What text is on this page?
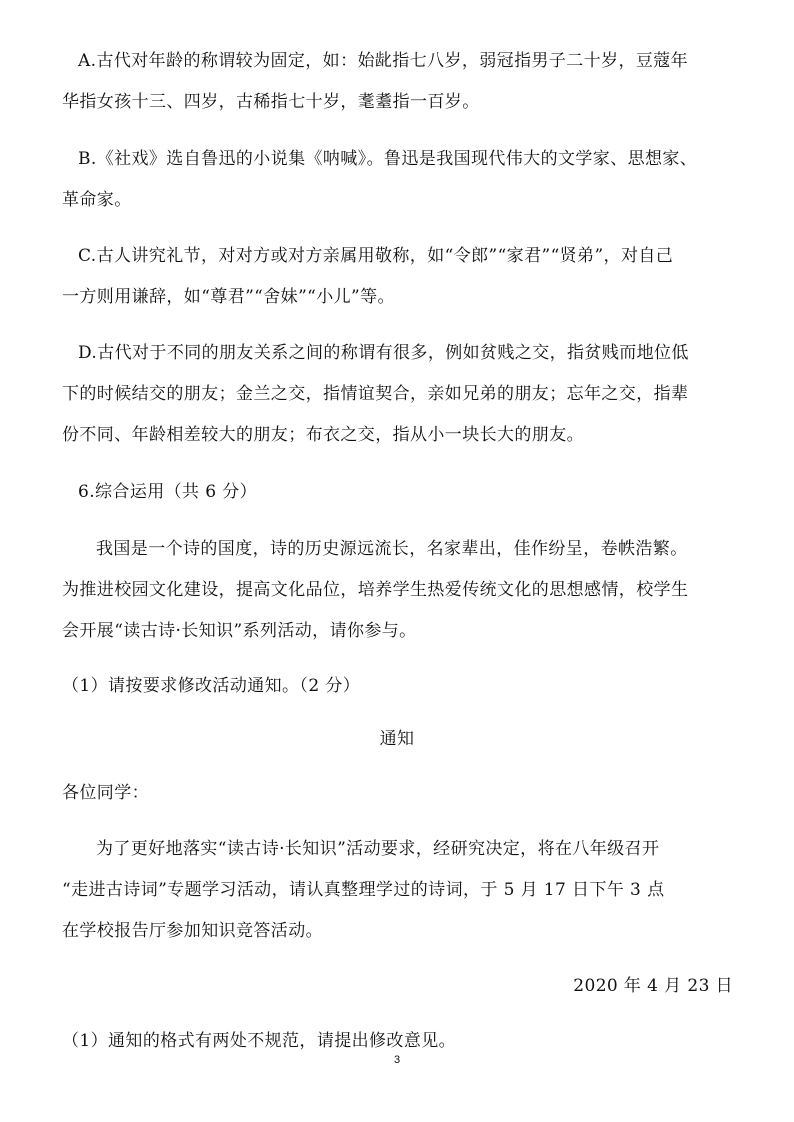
A.古代对年龄的称谓较为固定，如：始龀指七八岁，弱冠指男子二十岁，豆蔻年
华指女孩十三、四岁，古稀指七十岁，耄耋指一百岁。
B.《社戏》选自鲁迅的小说集《呐喊》。鲁迅是我国现代伟大的文学家、思想家、
革命家。
C.古人讲究礼节，对对方或对方亲属用敬称，如“令郎”“家君”“贤弟”，对自己
一方则用谦辞，如“尊君”“舍妹”“小儿”等。
D.古代对于不同的朋友关系之间的称谓有很多，例如贫贱之交，指贫贱而地位低
下的时候结交的朋友；金兰之交，指情谊契合，亲如兄弟的朋友；忘年之交，指辈
份不同、年龄相差较大的朋友；布衣之交，指从小一块长大的朋友。
6.综合运用（共 6 分）
我国是一个诗的国度，诗的历史源远流长，名家辈出，佳作纷呈，卷帙浩繁。
为推进校园文化建设，提高文化品位，培养学生热爱传统文化的思想感情，校学生
会开展“读古诗·长知识”系列活动，请你参与。
（1）请按要求修改活动通知。（2 分）
通知
各位同学：
为了更好地落实“读古诗·长知识”活动要求，经研究决定，将在八年级召开
“走进古诗词”专题学习活动，请认真整理学过的诗词，于 5 月 17 日下午 3 点
在学校报告厅参加知识竞答活动。
2020 年 4 月 23 日
（1）通知的格式有两处不规范，请提出修改意见。
3
